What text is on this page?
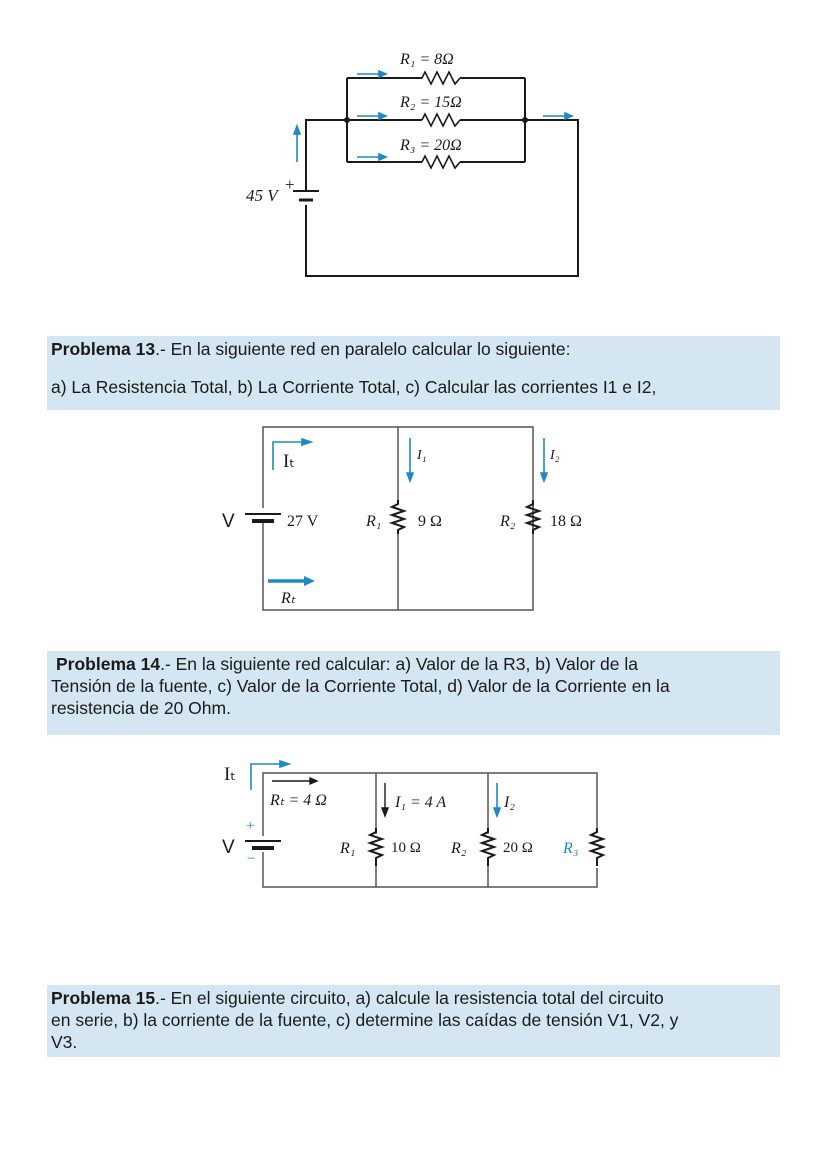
R₁ = 8Ω
R₂ = 15Ω
R₃ = 20Ω
45 V
+
Problema 13.- En la siguiente red en paralelo calcular lo siguiente:
a) La Resistencia Total, b) La Corriente Total, c) Calcular las corrientes I1 e I2,
Iₜ	I₁	I₂
V	27 V	R₁ 9 Ω	R₂ 18 Ω
Rₜ
Problema 14.- En la siguiente red calcular: a) Valor de la R3, b) Valor de la
Tensión de la fuente, c) Valor de la Corriente Total, d) Valor de la Corriente en la
resistencia de 20 Ohm.
Iₜ
Rₜ = 4 Ω	I₁ = 4 A	I₂
V
+
−
R₁ 10 Ω R₂ 20 Ω R₃
Problema 15.- En el siguiente circuito, a) calcule la resistencia total del circuito
en serie, b) la corriente de la fuente, c) determine las caídas de tensión V1, V2, y
V3.
